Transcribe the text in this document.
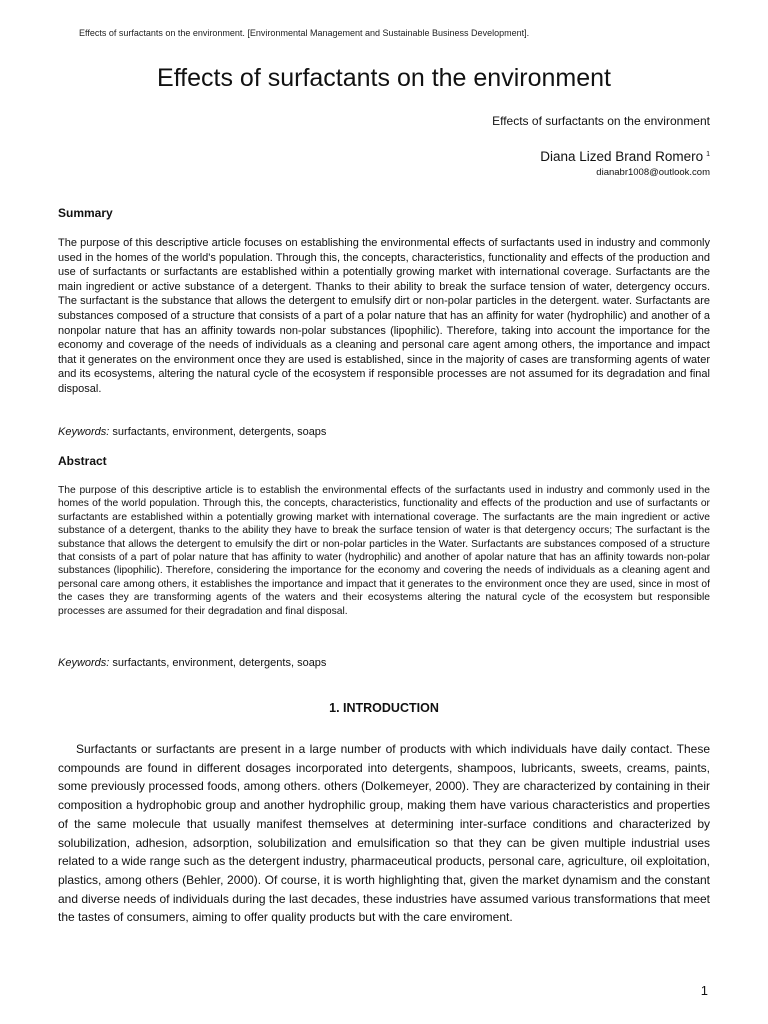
Effects of surfactants on the environment. [Environmental Management and Sustainable Business Development].
Effects of surfactants on the environment
Effects of surfactants on the environment
Diana Lized Brand Romero $^1$
dianabr1008@outlook.com
Summary

The purpose of this descriptive article focuses on establishing the environmental effects of surfactants used in industry and commonly used in the homes of the world's population. Through this, the concepts, characteristics, functionality and effects of the production and use of surfactants or surfactants are established within a potentially growing market with international coverage. Surfactants are the main ingredient or active substance of a detergent. Thanks to their ability to break the surface tension of water, detergency occurs. The surfactant is the substance that allows the detergent to emulsify dirt or non-polar particles in the detergent. water. Surfactants are substances composed of a structure that consists of a part of a polar nature that has an affinity for water (hydrophilic) and another of a nonpolar nature that has an affinity towards non-polar substances (lipophilic). Therefore, taking into account the importance for the economy and coverage of the needs of individuals as a cleaning and personal care agent among others, the importance and impact that it generates on the environment once they are used is established, since in the majority of cases are transforming agents of water and its ecosystems, altering the natural cycle of the ecosystem if responsible processes are not assumed for its degradation and final disposal.

Keywords: surfactants, environment, detergents, soaps

Abstract

The purpose of this descriptive article is to establish the environmental effects of the surfactants used in industry and commonly used in the homes of the world population. Through this, the concepts, characteristics, functionality and effects of the production and use of surfactants or surfactants are established within a potentially growing market with international coverage. The surfactants are the main ingredient or active substance of a detergent, thanks to the ability they have to break the surface tension of water is that detergency occurs; The surfactant is the substance that allows the detergent to emulsify the dirt or non-polar particles in the Water. Surfactants are substances composed of a structure that consists of a part of polar nature that has affinity to water (hydrophilic) and another of apolar nature that has an affinity towards non-polar substances (lipophilic). Therefore, considering the importance for the economy and covering the needs of individuals as a cleaning agent and personal care among others, it establishes the importance and impact that it generates to the environment once they are used, since in most of the cases they are transforming agents of the waters and their ecosystems altering the natural cycle of the ecosystem but responsible processes are assumed for their degradation and final disposal.

Keywords: surfactants, environment, detergents, soaps

1. INTRODUCTION

Surfactants or surfactants are present in a large number of products with which individuals have daily contact. These compounds are found in different dosages incorporated into detergents, shampoos, lubricants, sweets, creams, paints, some previously processed foods, among others. others (Dolkemeyer, 2000). They are characterized by containing in their composition a hydrophobic group and another hydrophilic group, making them have various characteristics and properties of the same molecule that usually manifest themselves at determining inter-surface conditions and characterized by solubilization, adhesion, adsorption, solubilization and emulsification so that they can be given multiple industrial uses related to a wide range such as the detergent industry, pharmaceutical products, personal care, agriculture, oil exploitation, plastics, among others (Behler, 2000). Of course, it is worth highlighting that, given the market dynamism and the constant and diverse needs of individuals during the last decades, these industries have assumed various transformations that meet the tastes of consumers, aiming to offer quality products but with the care enviroment.

1
